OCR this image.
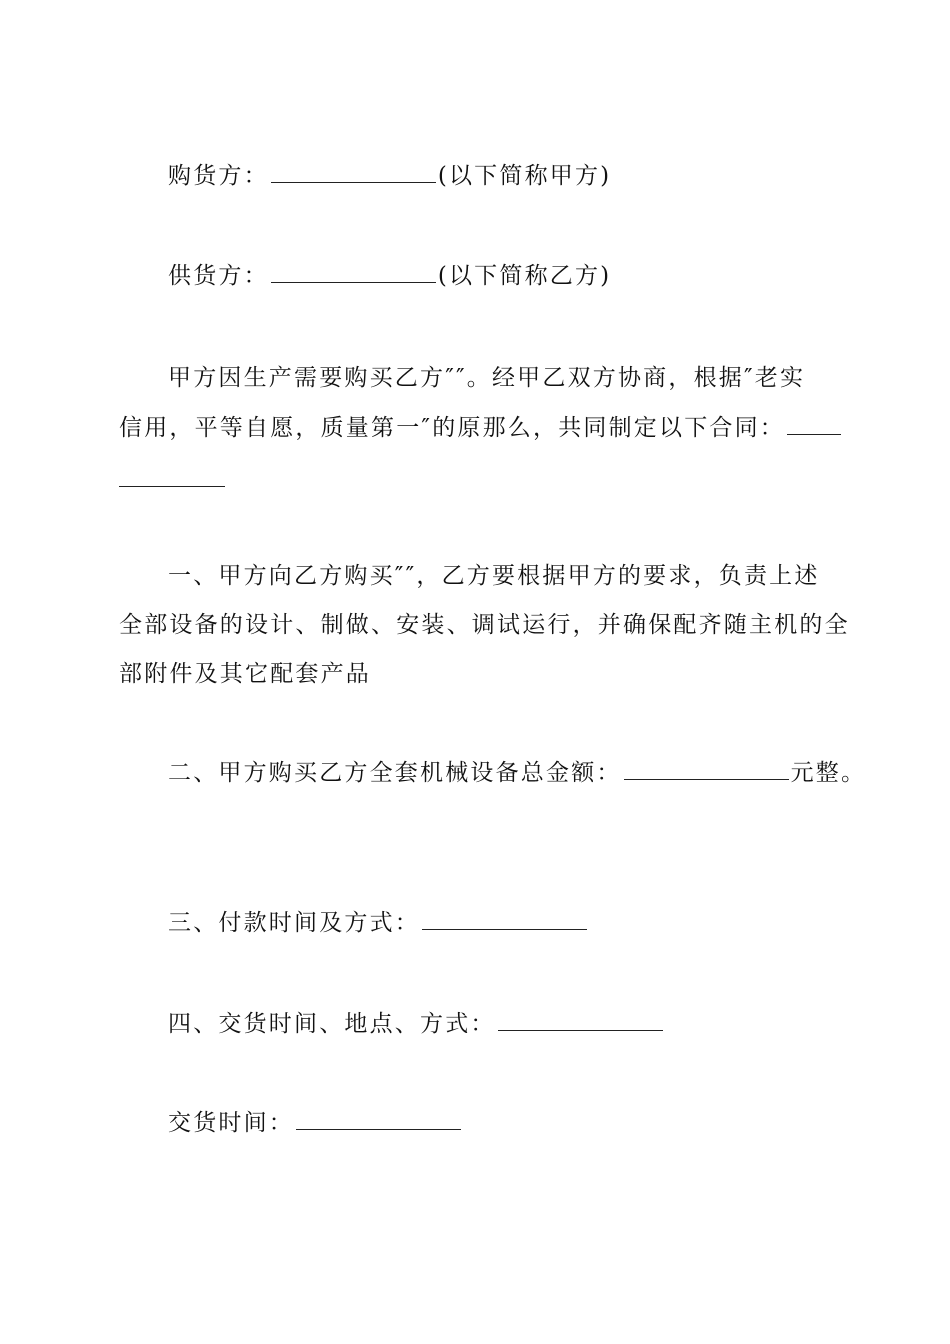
购货方：	(以下简称甲方)
供货方：	(以下简称乙方)
甲方因生产需要购买乙方″″。经甲乙双方协商，根据″老实
信用，平等自愿，质量第一″的原那么，共同制定以下合同：
一、甲方向乙方购买″″，乙方要根据甲方的要求，负责上述
全部设备的设计、制做、安装、调试运行，并确保配齐随主机的全
部附件及其它配套产品
二、甲方购买乙方全套机械设备总金额：	元整。
三、付款时间及方式：
四、交货时间、地点、方式：
交货时间：
